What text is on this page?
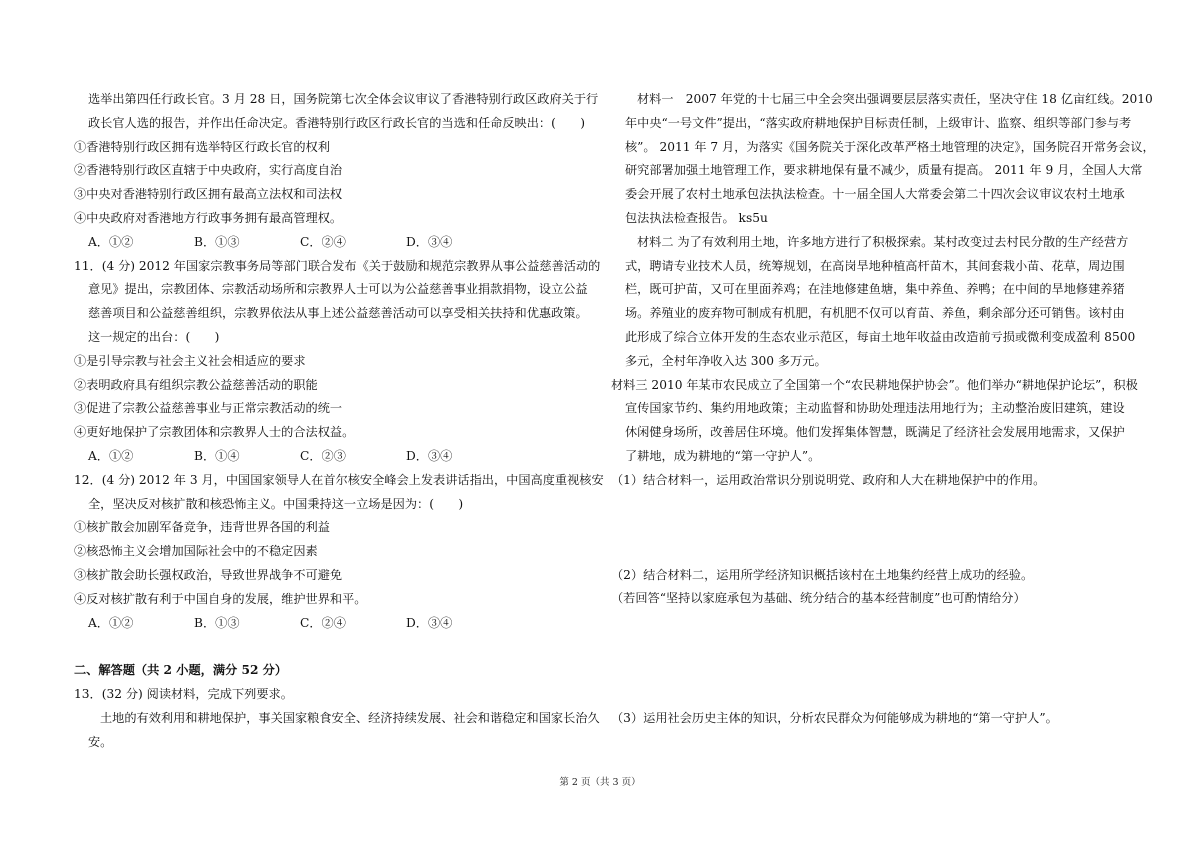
选举出第四任行政长官。3 月 28 日，国务院第七次全体会议审议了香港特别行政区政府关于行
政长官人选的报告，并作出任命决定。香港特别行政区行政长官的当选和任命反映出：(　　)
①香港特别行政区拥有选举特区行政长官的权利
②香港特别行政区直辖于中央政府，实行高度自治
③中央对香港特别行政区拥有最高立法权和司法权
④中央政府对香港地方行政事务拥有最高管理权。
A．①②	B．①③	C．②④	D．③④
11．(4 分) 2012 年国家宗教事务局等部门联合发布《关于鼓励和规范宗教界从事公益慈善活动的
意见》提出，宗教团体、宗教活动场所和宗教界人士可以为公益慈善事业捐款捐物，设立公益
慈善项目和公益慈善组织，宗教界依法从事上述公益慈善活动可以享受相关扶持和优惠政策。
这一规定的出台：(　　)
①是引导宗教与社会主义社会相适应的要求
②表明政府具有组织宗教公益慈善活动的职能
③促进了宗教公益慈善事业与正常宗教活动的统一
④更好地保护了宗教团体和宗教界人士的合法权益。
A．①②	B．①④	C．②③	D．③④
12．(4 分) 2012 年 3 月，中国国家领导人在首尔核安全峰会上发表讲话指出，中国高度重视核安
全，坚决反对核扩散和核恐怖主义。中国秉持这一立场是因为：(　　)
①核扩散会加剧军备竞争，违背世界各国的利益
②核恐怖主义会增加国际社会中的不稳定因素
③核扩散会助长强权政治，导致世界战争不可避免
④反对核扩散有利于中国自身的发展，维护世界和平。
A．①②	B．①③	C．②④	D．③④
二、解答题（共 2 小题，满分 52 分）
13．(32 分) 阅读材料，完成下列要求。
土地的有效利用和耕地保护，事关国家粮食安全、经济持续发展、社会和谐稳定和国家长治久
安。
材料一　2007 年党的十七届三中全会突出强调要层层落实责任，坚决守住 18 亿亩红线。2010
年中央“一号文件”提出，“落实政府耕地保护目标责任制，上级审计、监察、组织等部门参与考
核”。 2011 年 7 月，为落实《国务院关于深化改革严格土地管理的决定》，国务院召开常务会议，
研究部署加强土地管理工作，要求耕地保有量不减少，质量有提高。 2011 年 9 月，全国人大常
委会开展了农村土地承包法执法检查。十一届全国人大常委会第二十四次会议审议农村土地承
包法执法检查报告。 ks5u
材料二 为了有效利用土地，许多地方进行了积极探索。某村改变过去村民分散的生产经营方
式，聘请专业技术人员，统筹规划，在高岗旱地种植高杆苗木，其间套栽小苗、花草，周边围
栏，既可护苗，又可在里面养鸡；在洼地修建鱼塘，集中养鱼、养鸭；在中间的旱地修建养猪
场。养殖业的废弃物可制成有机肥，有机肥不仅可以育苗、养鱼，剩余部分还可销售。该村由
此形成了综合立体开发的生态农业示范区，每亩土地年收益由改造前亏损或微利变成盈利 8500
多元，全村年净收入达 300 多万元。
材料三 2010 年某市农民成立了全国第一个“农民耕地保护协会”。他们举办“耕地保护论坛”，积极
宣传国家节约、集约用地政策；主动监督和协助处理违法用地行为；主动整治废旧建筑，建设
休闲健身场所，改善居住环境。他们发挥集体智慧，既满足了经济社会发展用地需求，又保护
了耕地，成为耕地的“第一守护人”。
（1）结合材料一，运用政治常识分别说明党、政府和人大在耕地保护中的作用。
（2）结合材料二，运用所学经济知识概括该村在土地集约经营上成功的经验。
（若回答“坚持以家庭承包为基础、统分结合的基本经营制度”也可酌情给分）
（3）运用社会历史主体的知识，分析农民群众为何能够成为耕地的“第一守护人”。
第 2 页（共 3 页）
